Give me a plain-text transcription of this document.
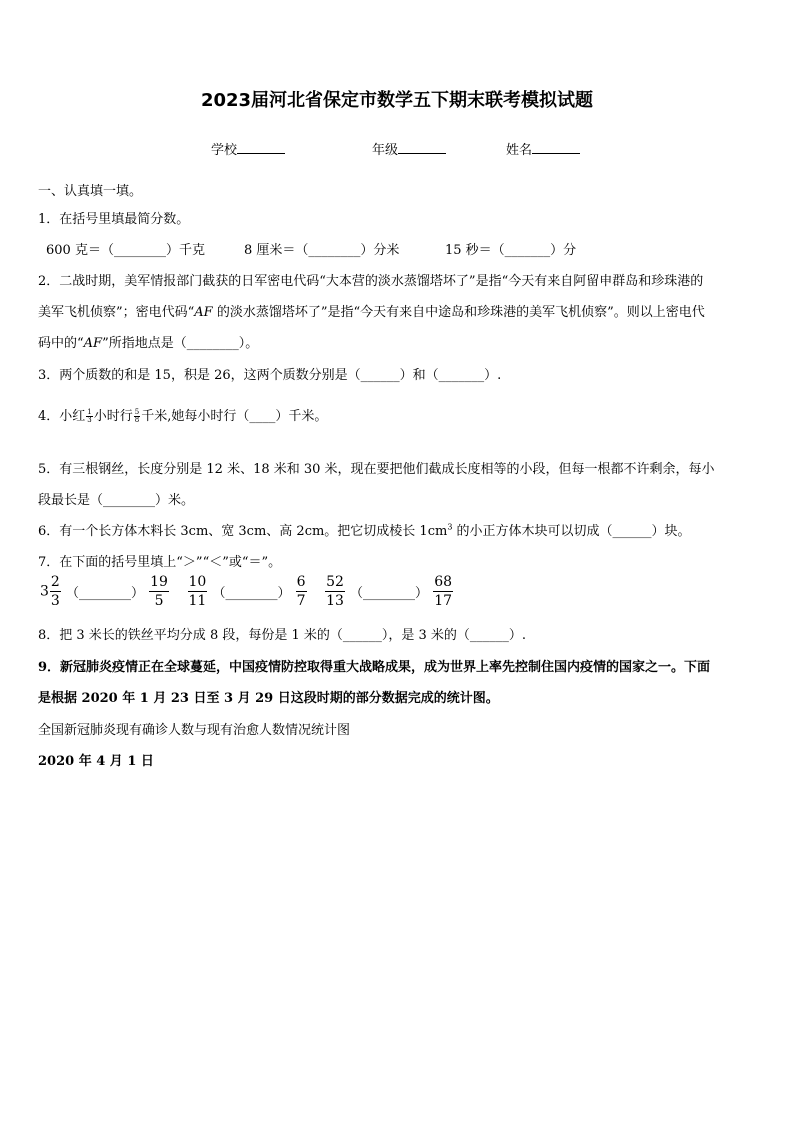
2023届河北省保定市数学五下期末联考模拟试题
学校	年级	姓名
一、认真填一填。
1．在括号里填最简分数。
600 克＝（________）千克	8 厘米＝（________）分米	15 秒＝（_______）分
2．二战时期，美军情报部门截获的日军密电代码“大本营的淡水蒸馏塔坏了”是指“今天有来自阿留申群岛和珍珠港的
美军飞机侦察”；密电代码“AF 的淡水蒸馏塔坏了”是指“今天有来自中途岛和珍珠港的美军飞机侦察”。则以上密电代
码中的“AF”所指地点是（________）。
3．两个质数的和是 15，积是 26，这两个质数分别是（______）和（_______）.
4．小红 $\frac{1}{3}$ 小时行 $\frac{5}{8}$ 千米,她每小时行（____）千米。
5．有三根钢丝，长度分别是 12 米、18 米和 30 米，现在要把他们截成长度相等的小段，但每一根都不许剩余，每小
段最长是（________）米。
6．有一个长方体木料长 3cm、宽 3cm、高 2cm。把它切成棱长 $1cm^3$ 的小正方体木块可以切成（______）块。
7．在下面的括号里填上“＞”“＜”或“＝”。
$3 \frac{2}{3}$ （________） $\frac{19}{5}$
$\frac{10}{11}$ （________） $\frac{6}{7}$
$\frac{52}{13}$ （________） $\frac{68}{17}$
8．把 3 米长的铁丝平均分成 8 段，每份是 1 米的（______），是 3 米的（______）.
9．新冠肺炎疫情正在全球蔓延，中国疫情防控取得重大战略成果，成为世界上率先控制住国内疫情的国家之一。下面
是根据 2020 年 1 月 23 日至 3 月 29 日这段时期的部分数据完成的统计图。
全国新冠肺炎现有确诊人数与现有治愈人数情况统计图
2020 年 4 月 1 日
